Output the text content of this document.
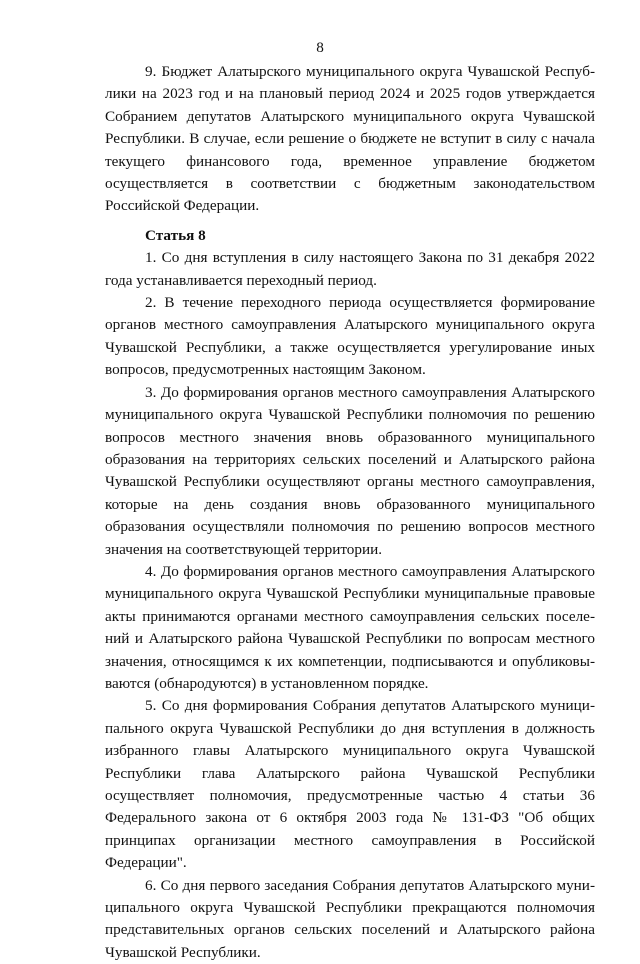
8

9. Бюджет Алатырского муниципального округа Чувашской Республики на 2023 год и на плановый период 2024 и 2025 годов утверждается Собранием депутатов Алатырского муниципального округа Чувашской Республики. В случае, если решение о бюджете не вступит в силу с начала текущего финансового года, временное управление бюджетом осуществляется в соответствии с бюджетным законодательством Российской Федерации.

Статья 8

1. Со дня вступления в силу настоящего Закона по 31 декабря 2022 года устанавливается переходный период.

2. В течение переходного периода осуществляется формирование органов местного самоуправления Алатырского муниципального округа Чувашской Республики, а также осуществляется урегулирование иных вопросов, предусмотренных настоящим Законом.

3. До формирования органов местного самоуправления Алатырского муниципального округа Чувашской Республики полномочия по решению вопросов местного значения вновь образованного муниципального образования на территориях сельских поселений и Алатырского района Чувашской Республики осуществляют органы местного самоуправления, которые на день создания вновь образованного муниципального образования осуществляли полномочия по решению вопросов местного значения на соответствующей территории.

4. До формирования органов местного самоуправления Алатырского муниципального округа Чувашской Республики муниципальные правовые акты принимаются органами местного самоуправления сельских поселений и Алатырского района Чувашской Республики по вопросам местного значения, относящимся к их компетенции, подписываются и опубликовываются (обнародуются) в установленном порядке.

5. Со дня формирования Собрания депутатов Алатырского муниципального округа Чувашской Республики до дня вступления в должность избранного главы Алатырского муниципального округа Чувашской Республики глава Алатырского района Чувашской Республики осуществляет полномочия, предусмотренные частью 4 статьи 36 Федерального закона от 6 октября 2003 года № 131-ФЗ "Об общих принципах организации местного самоуправления в Российской Федерации".

6. Со дня первого заседания Собрания депутатов Алатырского муниципального округа Чувашской Республики прекращаются полномочия представительных органов сельских поселений и Алатырского района Чувашской Республики.
